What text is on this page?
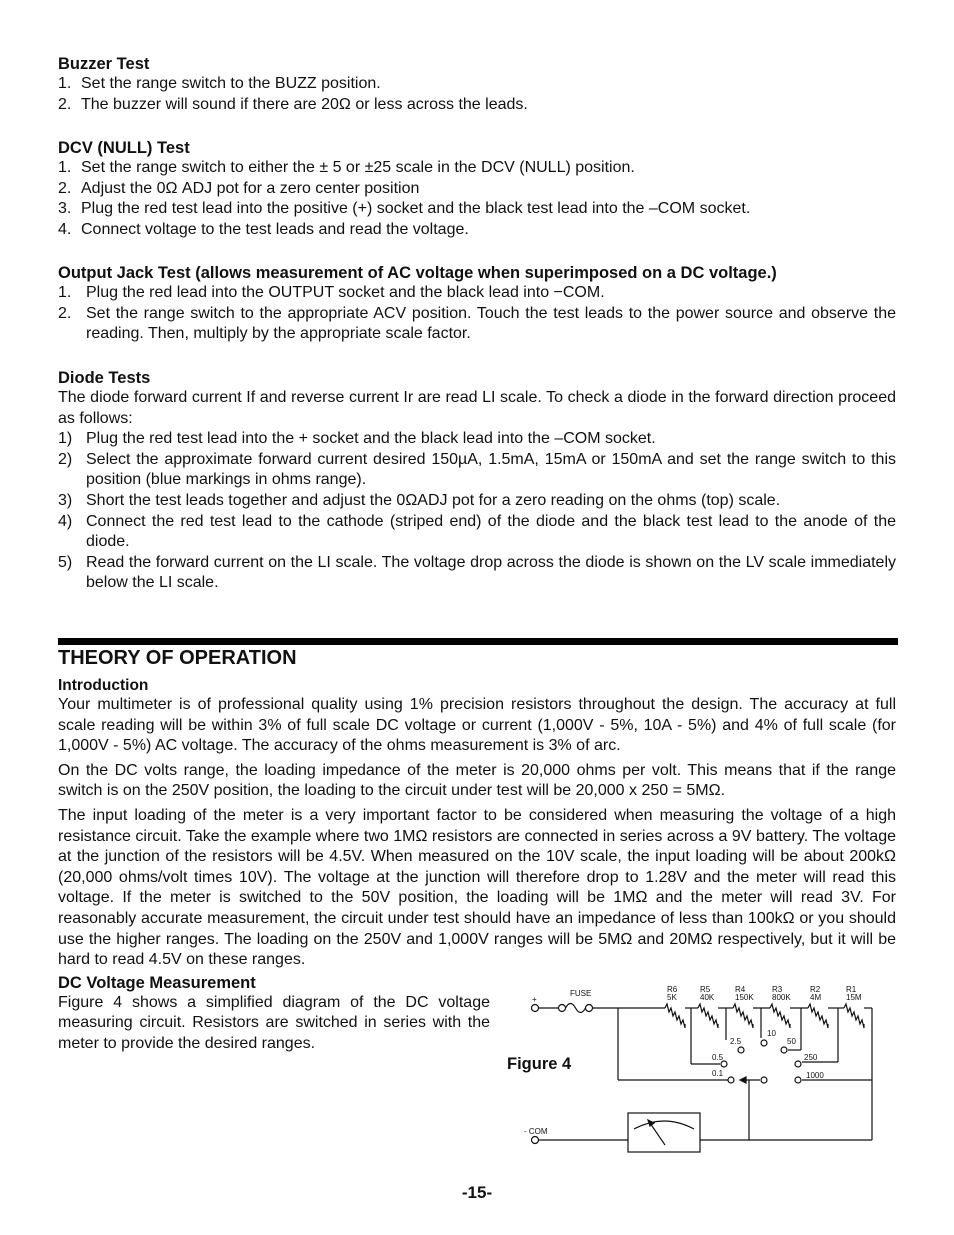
Buzzer Test
1. Set the range switch to the BUZZ position.
2. The buzzer will sound if there are 20Ω or less across the leads.
DCV (NULL) Test
1. Set the range switch to either the ± 5 or ±25 scale in the DCV (NULL) position.
2. Adjust the 0Ω ADJ pot for a zero center position
3. Plug the red test lead into the positive (+) socket and the black test lead into the –COM socket.
4. Connect voltage to the test leads and read the voltage.
Output Jack Test (allows measurement of AC voltage when superimposed on a DC voltage.)
1. Plug the red lead into the OUTPUT socket and the black lead into −COM.
2. Set the range switch to the appropriate ACV position. Touch the test leads to the power source and observe the reading. Then, multiply by the appropriate scale factor.
Diode Tests
The diode forward current If and reverse current Ir are read LI scale. To check a diode in the forward direction proceed as follows:
1) Plug the red test lead into the + socket and the black lead into the –COM socket.
2) Select the approximate forward current desired 150µA, 1.5mA, 15mA or 150mA and set the range switch to this position (blue markings in ohms range).
3) Short the test leads together and adjust the 0ΩADJ pot for a zero reading on the ohms (top) scale.
4) Connect the red test lead to the cathode (striped end) of the diode and the black test lead to the anode of the diode.
5) Read the forward current on the LI scale. The voltage drop across the diode is shown on the LV scale immediately below the LI scale.
THEORY OF OPERATION
Introduction
Your multimeter is of professional quality using 1% precision resistors throughout the design. The accuracy at full scale reading will be within 3% of full scale DC voltage or current (1,000V - 5%, 10A - 5%) and 4% of full scale (for 1,000V - 5%) AC voltage. The accuracy of the ohms measurement is 3% of arc.
On the DC volts range, the loading impedance of the meter is 20,000 ohms per volt. This means that if the range switch is on the 250V position, the loading to the circuit under test will be 20,000 x 250 = 5MΩ.
The input loading of the meter is a very important factor to be considered when measuring the voltage of a high resistance circuit. Take the example where two 1MΩ resistors are connected in series across a 9V battery. The voltage at the junction of the resistors will be 4.5V. When measured on the 10V scale, the input loading will be about 200kΩ (20,000 ohms/volt times 10V). The voltage at the junction will therefore drop to 1.28V and the meter will read this voltage. If the meter is switched to the 50V position, the loading will be 1MΩ and the meter will read 3V. For reasonably accurate measurement, the circuit under test should have an impedance of less than 100kΩ or you should use the higher ranges. The loading on the 250V and 1,000V ranges will be 5MΩ and 20MΩ respectively, but it will be hard to read 4.5V on these ranges.
DC Voltage Measurement
Figure 4 shows a simplified diagram of the DC voltage measuring circuit. Resistors are switched in series with the meter to provide the desired ranges.
Figure 4
+
FUSE	R6
5K
R5
40K
R4
150K
R3
800K
R2
4M
R1
15M
0.1
0.5
2.5
10
50
250
1000
- COM
-15-
